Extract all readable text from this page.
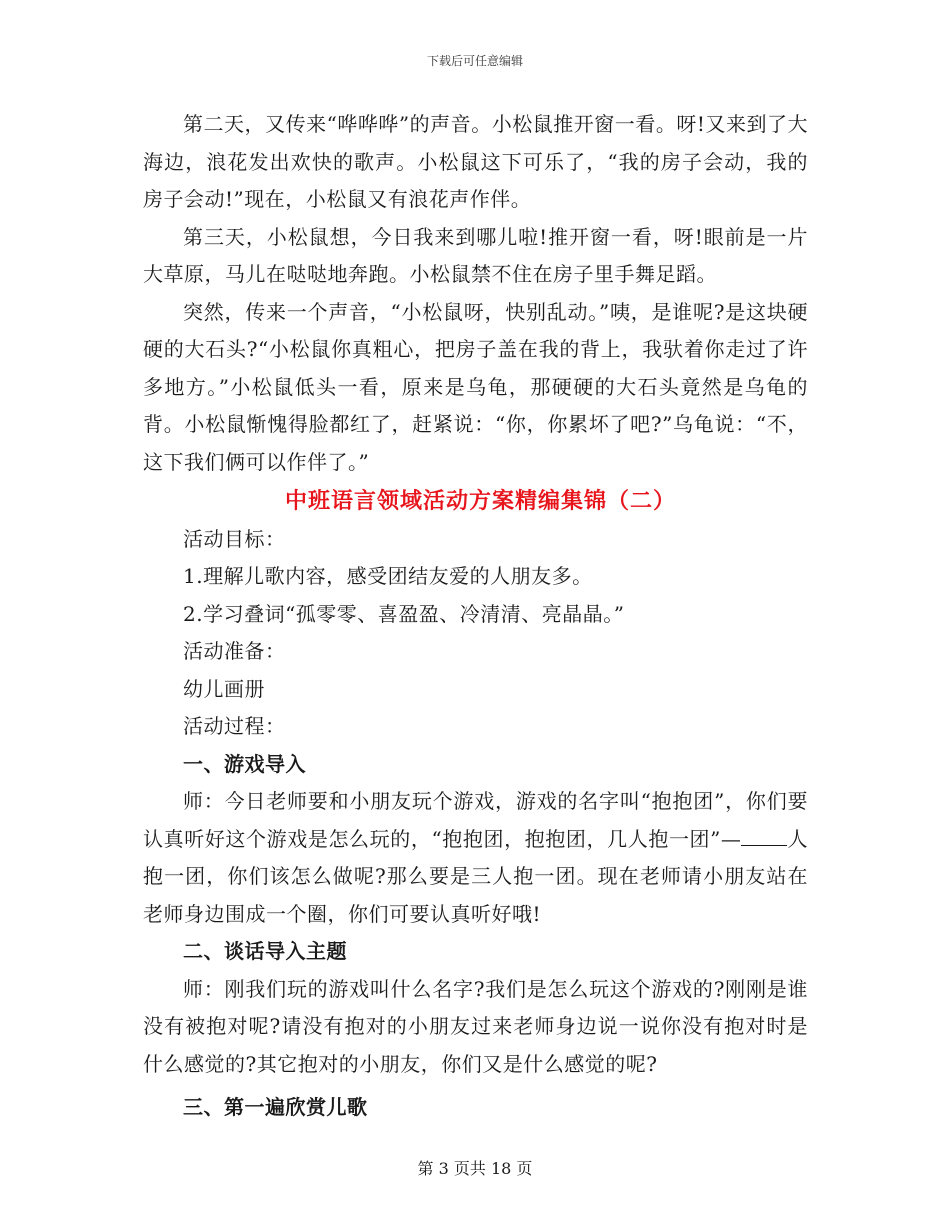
下载后可任意编辑

第二天，又传来“哗哗哗”的声音。小松鼠推开窗一看。呀!又来到了大海边，浪花发出欢快的歌声。小松鼠这下可乐了，“我的房子会动，我的房子会动!”现在，小松鼠又有浪花声作伴。

第三天，小松鼠想，今日我来到哪儿啦!推开窗一看，呀!眼前是一片大草原，马儿在哒哒地奔跑。小松鼠禁不住在房子里手舞足蹈。

突然，传来一个声音，“小松鼠呀，快别乱动。”咦，是谁呢?是这块硬硬的大石头?“小松鼠你真粗心，把房子盖在我的背上，我驮着你走过了许多地方。”小松鼠低头一看，原来是乌龟，那硬硬的大石头竟然是乌龟的背。小松鼠惭愧得脸都红了，赶紧说：“你，你累坏了吧?”乌龟说：“不，这下我们俩可以作伴了。”

中班语言领域活动方案精编集锦（二）

活动目标：

1.理解儿歌内容，感受团结友爱的人朋友多。

2.学习叠词“孤零零、喜盈盈、冷清清、亮晶晶。”

活动准备：

幼儿画册

活动过程：

一、游戏导入

师：今日老师要和小朋友玩个游戏，游戏的名字叫“抱抱团”，你们要认真听好这个游戏是怎么玩的，“抱抱团，抱抱团，几人抱一团”— 人抱一团，你们该怎么做呢?那么要是三人抱一团。现在老师请小朋友站在老师身边围成一个圈，你们可要认真听好哦!

二、谈话导入主题

师：刚我们玩的游戏叫什么名字?我们是怎么玩这个游戏的?刚刚是谁没有被抱对呢?请没有抱对的小朋友过来老师身边说一说你没有抱对时是什么感觉的?其它抱对的小朋友，你们又是什么感觉的呢?

三、第一遍欣赏儿歌

第 3 页共 18 页
